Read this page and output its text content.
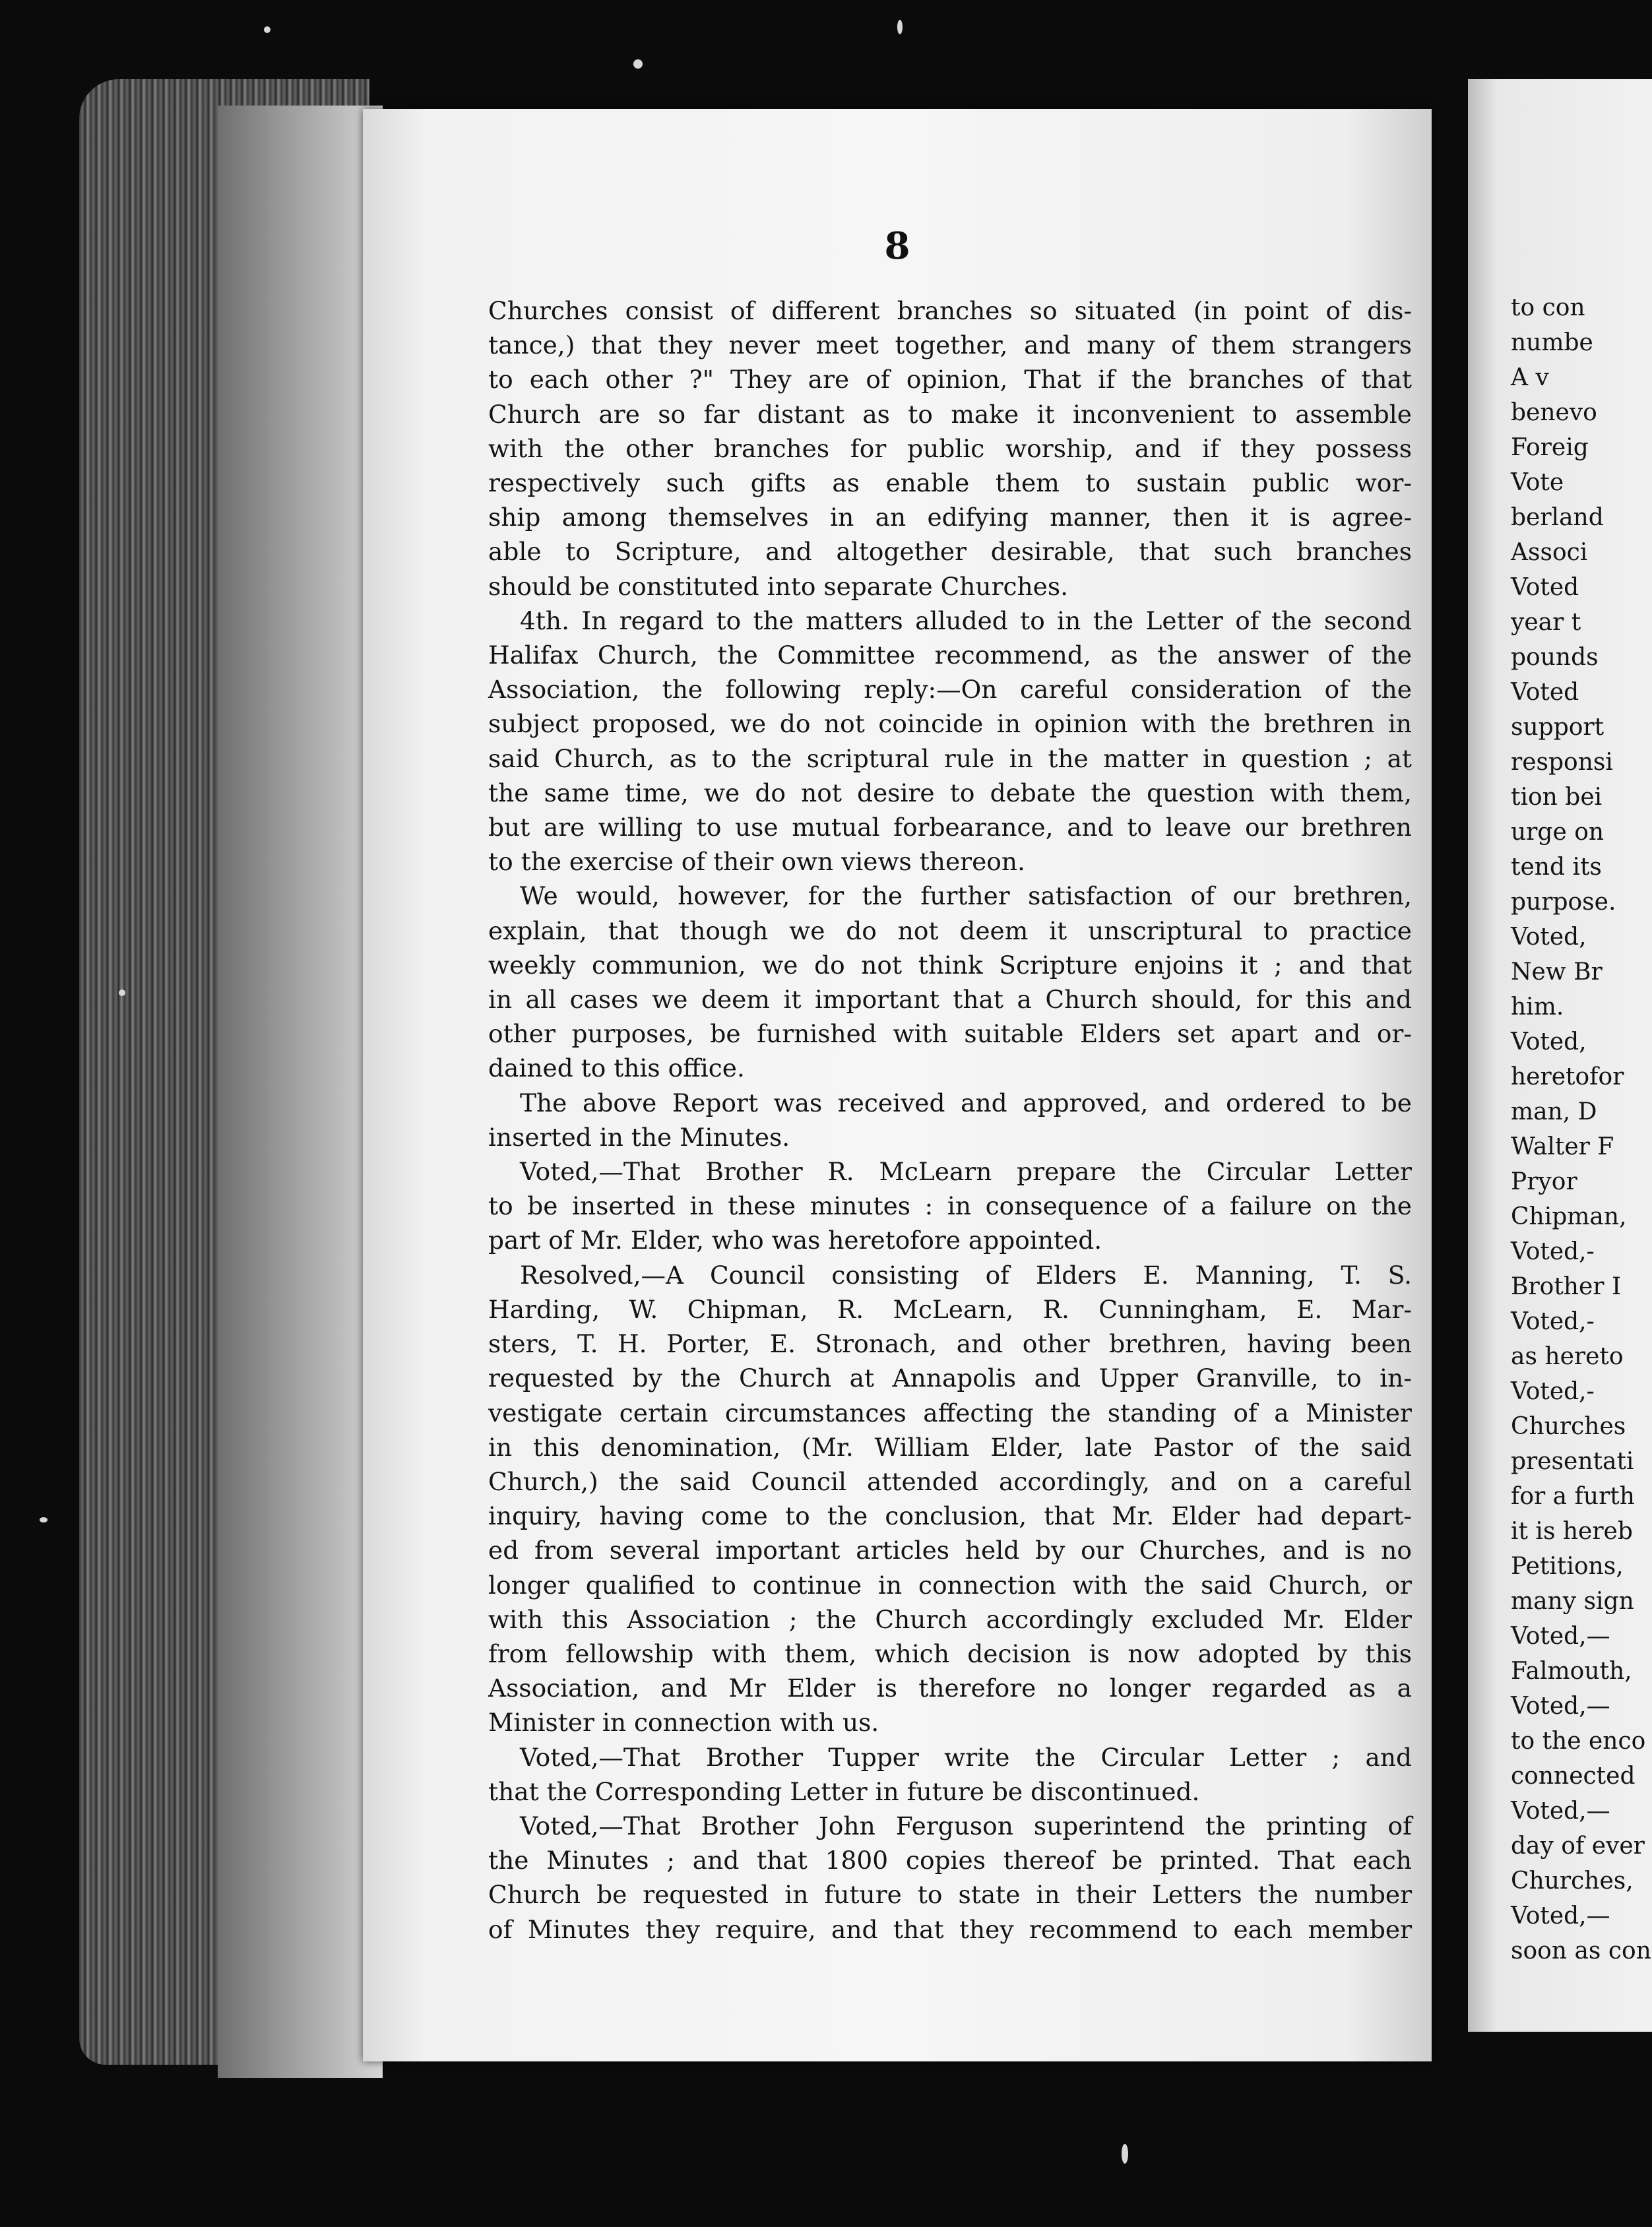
8
Churches consist of different branches so situated (in point of dis-
tance,) that they never meet together, and many of them strangers
to each other ?" They are of opinion, That if the branches of that
Church are so far distant as to make it inconvenient to assemble
with the other branches for public worship, and if they possess
respectively such gifts as enable them to sustain public wor-
ship among themselves in an edifying manner, then it is agree-
able to Scripture, and altogether desirable, that such branches
should be constituted into separate Churches.
4th. In regard to the matters alluded to in the Letter of the second
Halifax Church, the Committee recommend, as the answer of the
Association, the following reply:—On careful consideration of the
subject proposed, we do not coincide in opinion with the brethren in
said Church, as to the scriptural rule in the matter in question ; at
the same time, we do not desire to debate the question with them,
but are willing to use mutual forbearance, and to leave our brethren
to the exercise of their own views thereon.
We would, however, for the further satisfaction of our brethren,
explain, that though we do not deem it unscriptural to practice
weekly communion, we do not think Scripture enjoins it ; and that
in all cases we deem it important that a Church should, for this and
other purposes, be furnished with suitable Elders set apart and or-
dained to this office.
The above Report was received and approved, and ordered to be
inserted in the Minutes.
Voted,—That Brother R. McLearn prepare the Circular Letter
to be inserted in these minutes : in consequence of a failure on the
part of Mr. Elder, who was heretofore appointed.
Resolved,—A Council consisting of Elders E. Manning, T. S.
Harding, W. Chipman, R. McLearn, R. Cunningham, E. Mar-
sters, T. H. Porter, E. Stronach, and other brethren, having been
requested by the Church at Annapolis and Upper Granville, to in-
vestigate certain circumstances affecting the standing of a Minister
in this denomination, (Mr. William Elder, late Pastor of the said
Church,) the said Council attended accordingly, and on a careful
inquiry, having come to the conclusion, that Mr. Elder had depart-
ed from several important articles held by our Churches, and is no
longer qualified to continue in connection with the said Church, or
with this Association ; the Church accordingly excluded Mr. Elder
from fellowship with them, which decision is now adopted by this
Association, and Mr Elder is therefore no longer regarded as a
Minister in connection with us.
Voted,—That Brother Tupper write the Circular Letter ; and
that the Corresponding Letter in future be discontinued.
Voted,—That Brother John Ferguson superintend the printing of
the Minutes ; and that 1800 copies thereof be printed. That each
Church be requested in future to state in their Letters the number
of Minutes they require, and that they recommend to each member
to con
numbe
A v
benevo
Foreig
Vote
berland
Associ
Voted
year t
pounds
Voted
support
responsi
tion bei
urge on
tend its
purpose.
Voted,
New Br
him.
Voted,
heretofor
man, D
Walter F
Pryor
Chipman,
Voted,-
Brother I
Voted,-
as hereto
Voted,-
Churches
presentati
for a furth
it is hereb
Petitions,
many sign
Voted,—
Falmouth,
Voted,—
to the enco
connected
Voted,—
day of ever
Churches,
Voted,—
soon as con
